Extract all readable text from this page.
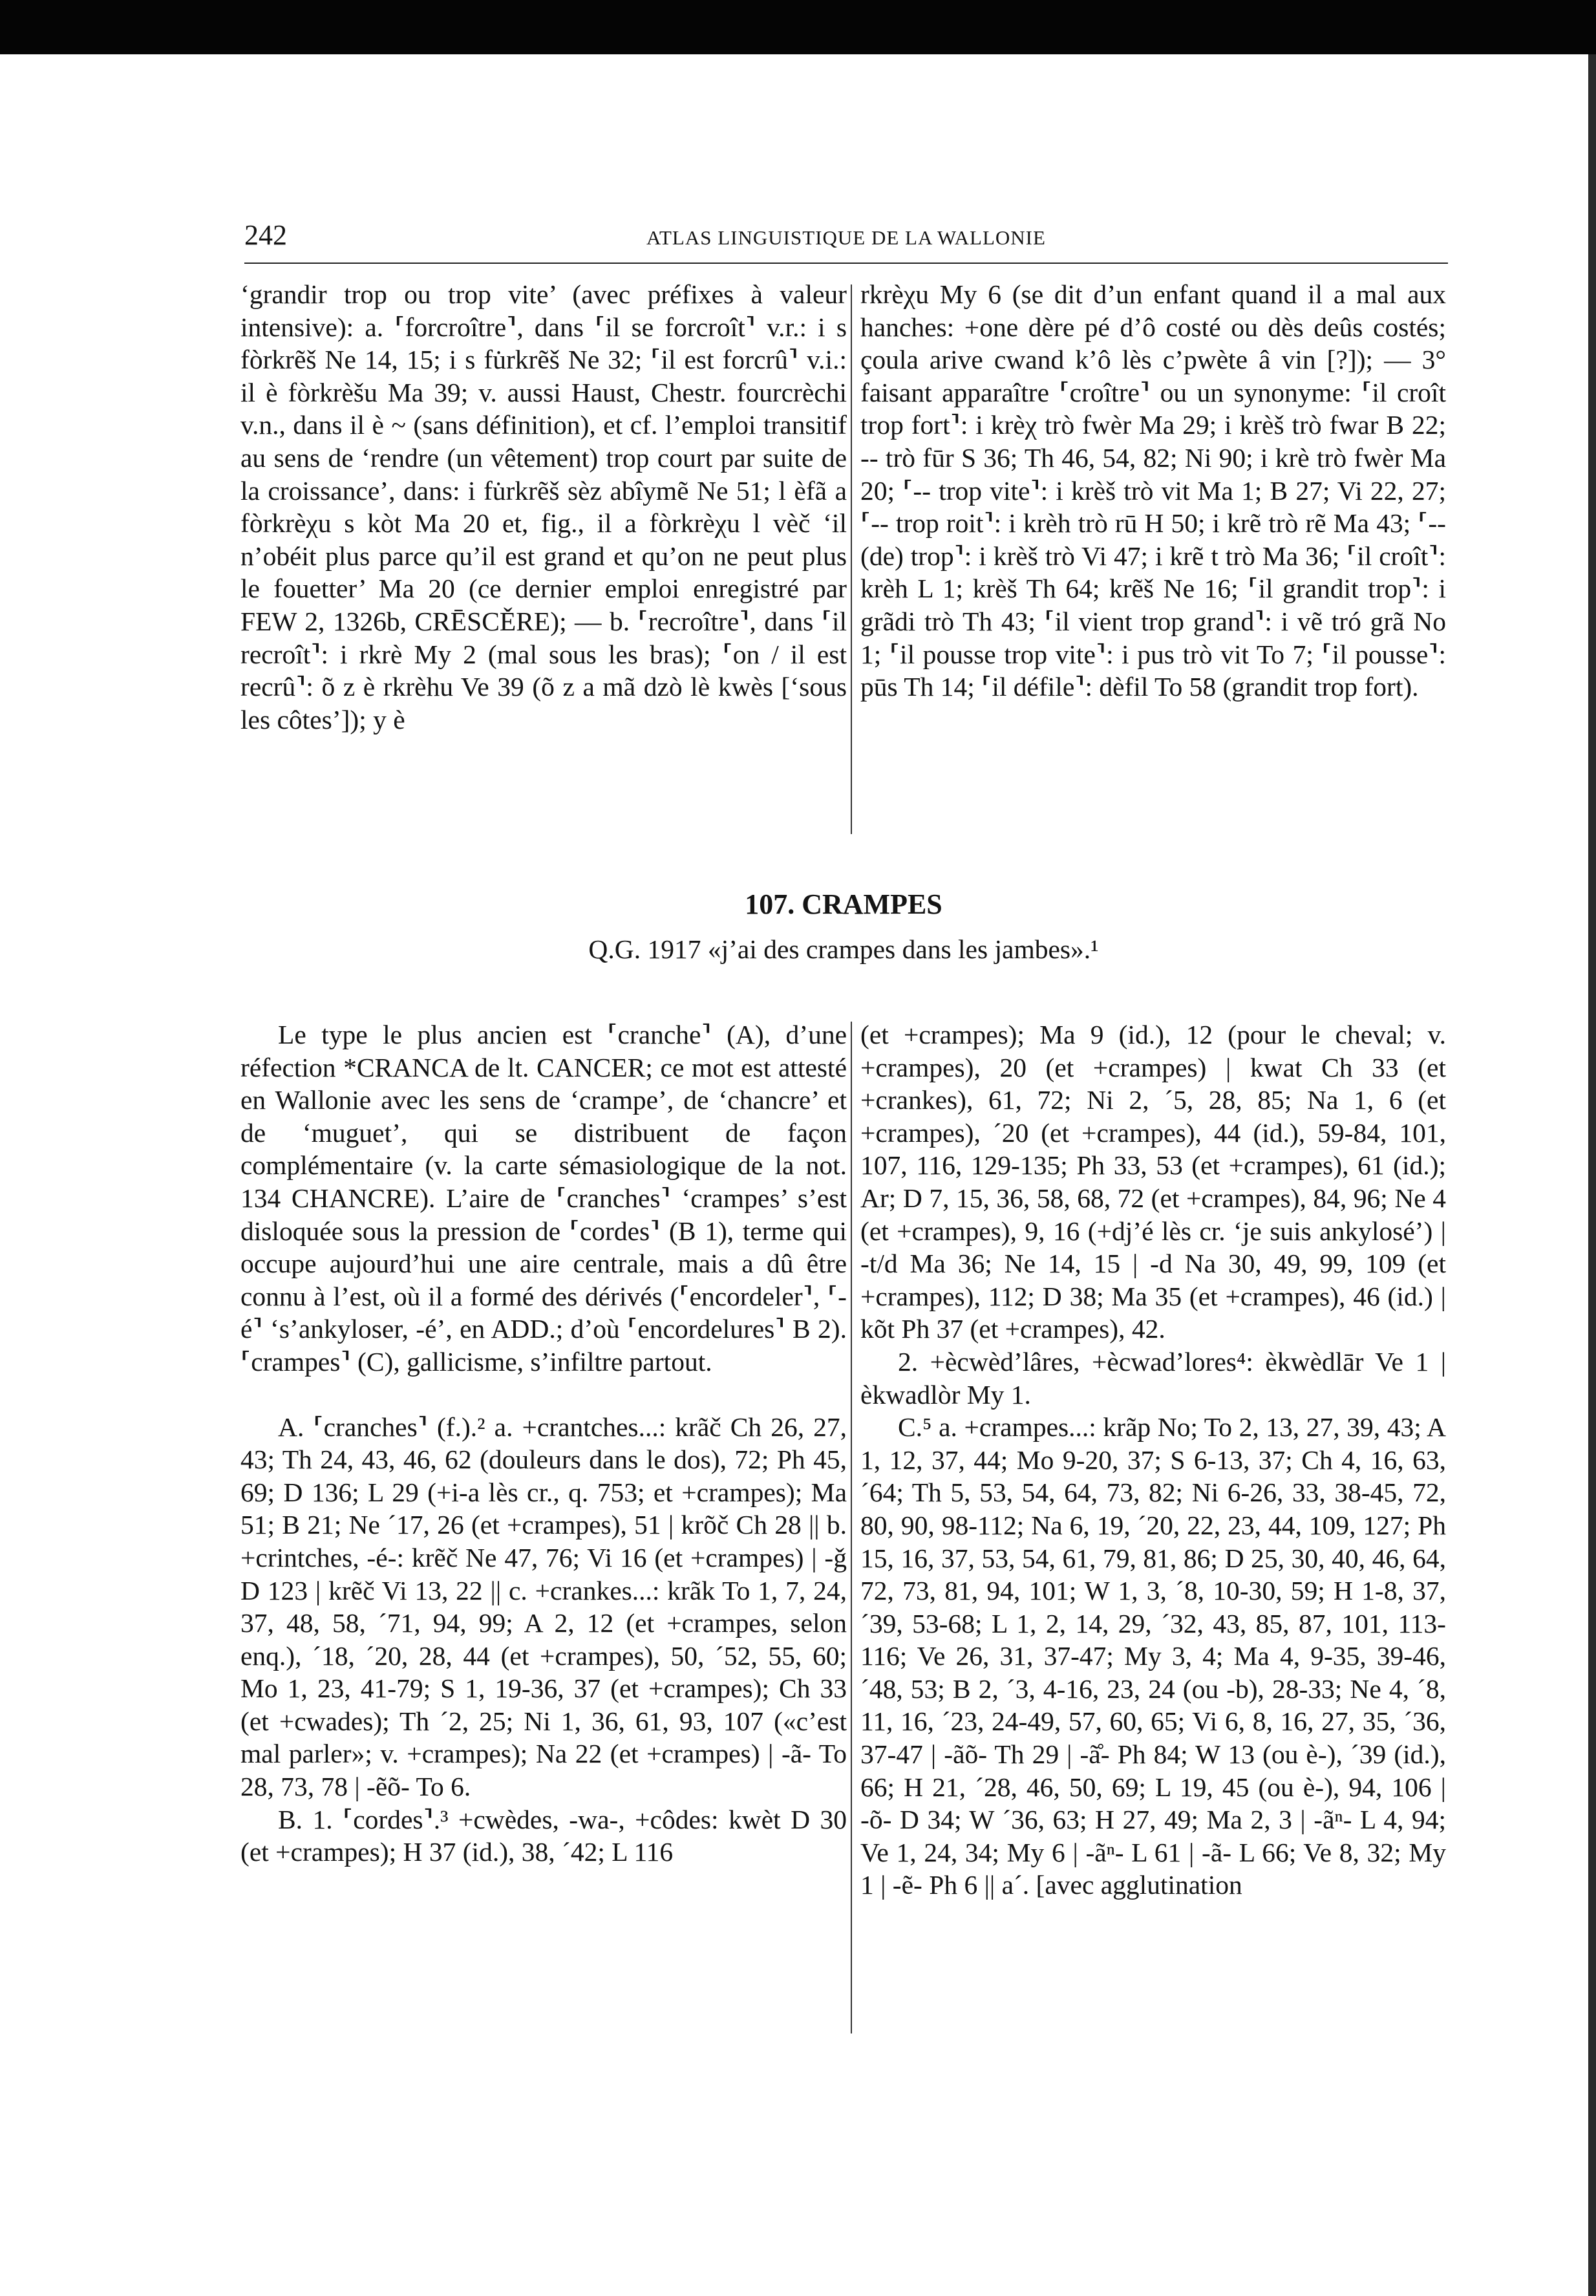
242	ATLAS LINGUISTIQUE DE LA WALLONIE

‘grandir trop ou trop vite’ (avec préfixes à valeur intensive): a. ⸢forcroître⸣, dans ⸢il se forcroît⸣ v.r.: i s fòrkrẽš Ne 14, 15; i s fu̇rkrẽš Ne 32; ⸢il est forcrû⸣ v.i.: il è fòrkrèšu Ma 39; v. aussi Haust, Chestr. fourcrèchi v.n., dans il è ~ (sans définition), et cf. l’emploi transitif au sens de ‘rendre (un vêtement) trop court par suite de la croissance’, dans: i fu̇rkrẽš sèz abîymẽ Ne 51; l èfã a fòrkrèχu s kòt Ma 20 et, fig., il a fòrkrèχu l vèč ‘il n’obéit plus parce qu’il est grand et qu’on ne peut plus le fouetter’ Ma 20 (ce dernier emploi enregistré par FEW 2, 1326b, CRĒSCĚRE); — b. ⸢recroître⸣, dans ⸢il recroît⸣: i rkrè My 2 (mal sous les bras); ⸢on / il est recrû⸣: õ z è rkrèhu Ve 39 (õ z a mã dzò lè kwès [‘sous les côtes’]); y è

rkrèχu My 6 (se dit d’un enfant quand il a mal aux hanches: +one dère pé d’ô costé ou dès deûs costés; çoula arive cwand k’ô lès c’pwète â vin [?]); — 3° faisant apparaître ⸢croître⸣ ou un synonyme: ⸢il croît trop fort⸣: i krèχ trò fwèr Ma 29; i krèš trò fwar B 22; -- trò fūr S 36; Th 46, 54, 82; Ni 90; i krè trò fwèr Ma 20; ⸢-- trop vite⸣: i krèš trò vit Ma 1; B 27; Vi 22, 27; ⸢-- trop roit⸣: i krèh trò rū H 50; i krẽ trò rẽ Ma 43; ⸢-- (de) trop⸣: i krèš trò Vi 47; i krẽ t trò Ma 36; ⸢il croît⸣: krèh L 1; krèš Th 64; krẽš Ne 16; ⸢il grandit trop⸣: i grãdi trò Th 43; ⸢il vient trop grand⸣: i vẽ tró grã No 1; ⸢il pousse trop vite⸣: i pus trò vit To 7; ⸢il pousse⸣: pūs Th 14; ⸢il défile⸣: dèfil To 58 (grandit trop fort).

107. CRAMPES
Q.G. 1917 «j’ai des crampes dans les jambes».¹

Le type le plus ancien est ⸢cranche⸣ (A), d’une réfection *CRANCA de lt. CANCER; ce mot est attesté en Wallonie avec les sens de ‘crampe’, de ‘chancre’ et de ‘muguet’, qui se distribuent de façon complémentaire (v. la carte sémasiologique de la not. 134 CHANCRE). L’aire de ⸢cranches⸣ ‘crampes’ s’est disloquée sous la pression de ⸢cordes⸣ (B 1), terme qui occupe aujourd’hui une aire centrale, mais a dû être connu à l’est, où il a formé des dérivés (⸢encordeler⸣, ⸢-é⸣ ‘s’ankyloser, -é’, en ADD.; d’où ⸢encordelures⸣ B 2). ⸢crampes⸣ (C), gallicisme, s’infiltre partout.

A. ⸢cranches⸣ (f.).² a. +crantches...: krãč Ch 26, 27, 43; Th 24, 43, 46, 62 (douleurs dans le dos), 72; Ph 45, 69; D 136; L 29 (+i-a lès cr., q. 753; et +crampes); Ma 51; B 21; Ne ´17, 26 (et +crampes), 51 | krõč Ch 28 || b. +crintches, -é-: krẽč Ne 47, 76; Vi 16 (et +crampes) | -ǧ D 123 | krẽč Vi 13, 22 || c. +crankes...: krãk To 1, 7, 24, 37, 48, 58, ´71, 94, 99; A 2, 12 (et +crampes, selon enq.), ´18, ´20, 28, 44 (et +crampes), 50, ´52, 55, 60; Mo 1, 23, 41-79; S 1, 19-36, 37 (et +crampes); Ch 33 (et +cwades); Th ´2, 25; Ni 1, 36, 61, 93, 107 («c’est mal parler»; v. +crampes); Na 22 (et +crampes) | -ã- To 28, 73, 78 | -ẽõ- To 6.

B. 1. ⸢cordes⸣.³ +cwèdes, -wa-, +côdes: kwèt D 30 (et +crampes); H 37 (id.), 38, ´42; L 116

(et +crampes); Ma 9 (id.), 12 (pour le cheval; v. +crampes), 20 (et +crampes) | kwat Ch 33 (et +crankes), 61, 72; Ni 2, ´5, 28, 85; Na 1, 6 (et +crampes), ´20 (et +crampes), 44 (id.), 59-84, 101, 107, 116, 129-135; Ph 33, 53 (et +crampes), 61 (id.); Ar; D 7, 15, 36, 58, 68, 72 (et +crampes), 84, 96; Ne 4 (et +crampes), 9, 16 (+dj’é lès cr. ‘je suis ankylosé’) | -t/d Ma 36; Ne 14, 15 | -d Na 30, 49, 99, 109 (et +crampes), 112; D 38; Ma 35 (et +crampes), 46 (id.) | kõt Ph 37 (et +crampes), 42.

2. +ècwèd’lâres, +ècwad’lores⁴: èkwèdlār Ve 1 | èkwadlòr My 1.

C.⁵ a. +crampes...: krãp No; To 2, 13, 27, 39, 43; A 1, 12, 37, 44; Mo 9-20, 37; S 6-13, 37; Ch 4, 16, 63, ´64; Th 5, 53, 54, 64, 73, 82; Ni 6-26, 33, 38-45, 72, 80, 90, 98-112; Na 6, 19, ´20, 22, 23, 44, 109, 127; Ph 15, 16, 37, 53, 54, 61, 79, 81, 86; D 25, 30, 40, 46, 64, 72, 73, 81, 94, 101; W 1, 3, ´8, 10-30, 59; H 1-8, 37, ´39, 53-68; L 1, 2, 14, 29, ´32, 43, 85, 87, 101, 113-116; Ve 26, 31, 37-47; My 3, 4; Ma 4, 9-35, 39-46, ´48, 53; B 2, ´3, 4-16, 23, 24 (ou -b), 28-33; Ne 4, ´8, 11, 16, ´23, 24-49, 57, 60, 65; Vi 6, 8, 16, 27, 35, ´36, 37-47 | -ãõ- Th 29 | -ã̊- Ph 84; W 13 (ou è-), ´39 (id.), 66; H 21, ´28, 46, 50, 69; L 19, 45 (ou è-), 94, 106 | -õ- D 34; W ´36, 63; H 27, 49; Ma 2, 3 | -ãⁿ- L 4, 94; Ve 1, 24, 34; My 6 | -ãⁿ- L 61 | -ã- L 66; Ve 8, 32; My 1 | -ẽ- Ph 6 || a´. [avec agglutination
